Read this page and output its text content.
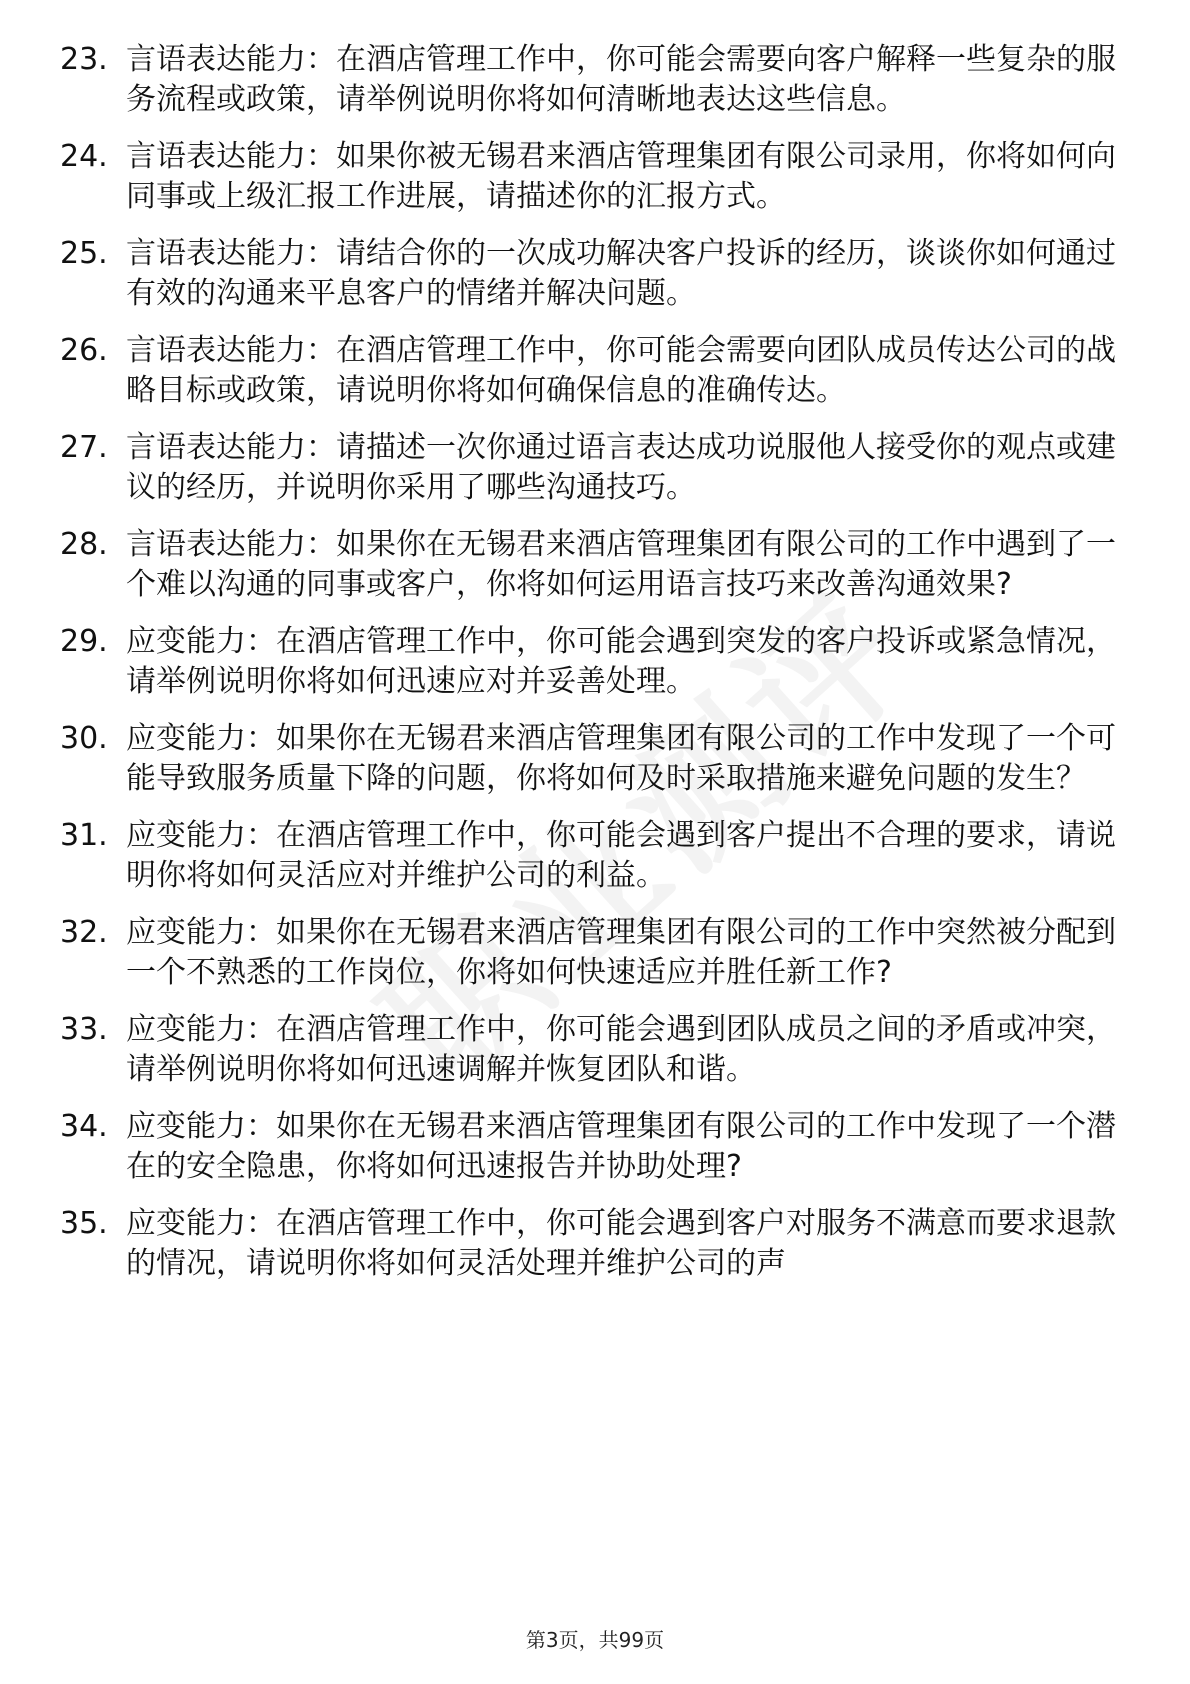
23. 言语表达能力：在酒店管理工作中，你可能会需要向客户解释一些复杂的服务流程或政策，请举例说明你将如何清晰地表达这些信息。
24. 言语表达能力：如果你被无锡君来酒店管理集团有限公司录用，你将如何向同事或上级汇报工作进展，请描述你的汇报方式。
25. 言语表达能力：请结合你的一次成功解决客户投诉的经历，谈谈你如何通过有效的沟通来平息客户的情绪并解决问题。
26. 言语表达能力：在酒店管理工作中，你可能会需要向团队成员传达公司的战略目标或政策，请说明你将如何确保信息的准确传达。
27. 言语表达能力：请描述一次你通过语言表达成功说服他人接受你的观点或建议的经历，并说明你采用了哪些沟通技巧。
28. 言语表达能力：如果你在无锡君来酒店管理集团有限公司的工作中遇到了一个难以沟通的同事或客户，你将如何运用语言技巧来改善沟通效果?
29. 应变能力：在酒店管理工作中，你可能会遇到突发的客户投诉或紧急情况，请举例说明你将如何迅速应对并妥善处理。
30. 应变能力：如果你在无锡君来酒店管理集团有限公司的工作中发现了一个可能导致服务质量下降的问题，你将如何及时采取措施来避免问题的发生？
31. 应变能力：在酒店管理工作中，你可能会遇到客户提出不合理的要求，请说明你将如何灵活应对并维护公司的利益。
32. 应变能力：如果你在无锡君来酒店管理集团有限公司的工作中突然被分配到一个不熟悉的工作岗位，你将如何快速适应并胜任新工作?
33. 应变能力：在酒店管理工作中，你可能会遇到团队成员之间的矛盾或冲突，请举例说明你将如何迅速调解并恢复团队和谐。
34. 应变能力：如果你在无锡君来酒店管理集团有限公司的工作中发现了一个潜在的安全隐患，你将如何迅速报告并协助处理?
35. 应变能力：在酒店管理工作中，你可能会遇到客户对服务不满意而要求退款的情况，请说明你将如何灵活处理并维护公司的声
第3页，共99页
